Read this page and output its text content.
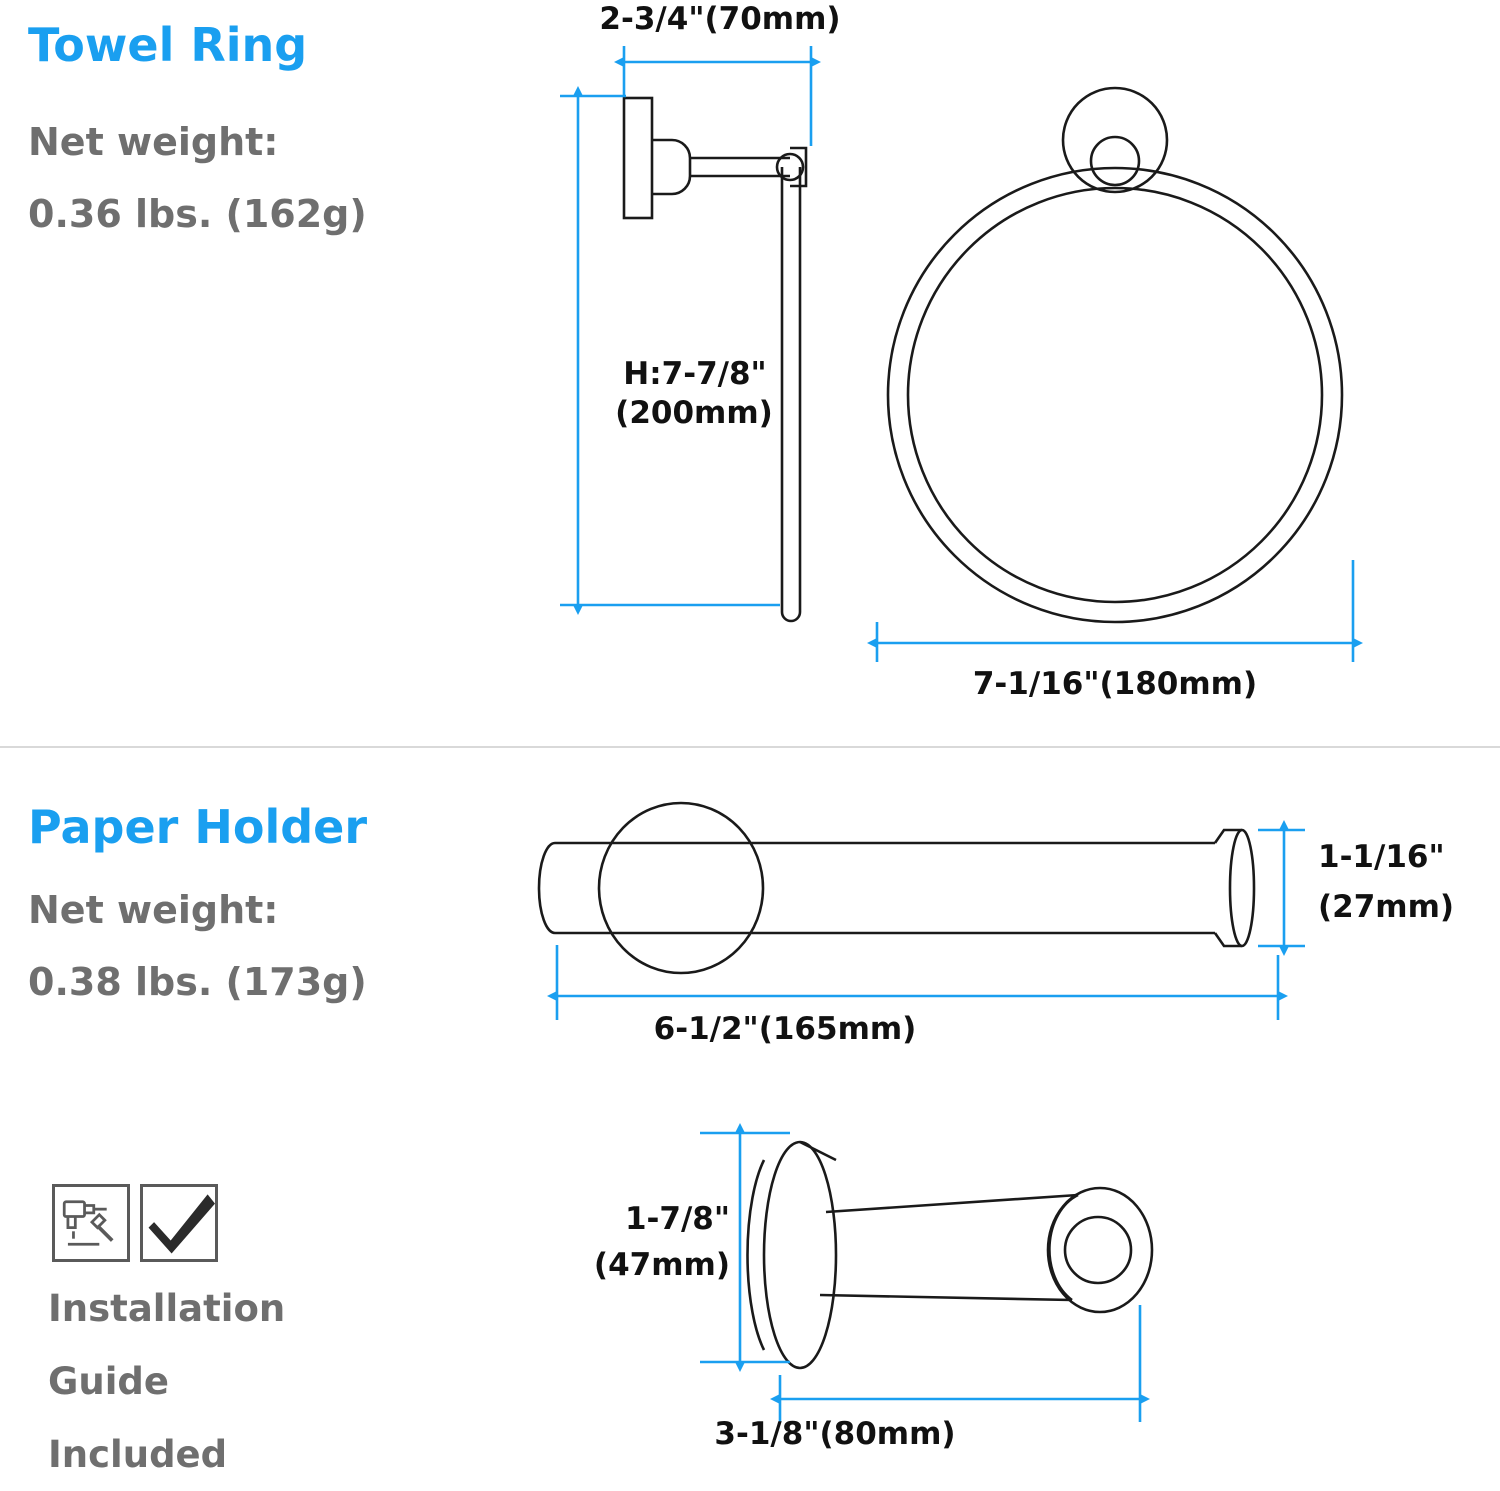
Towel Ring
Net weight:
0.36 lbs. (162g)
2-3/4"(70mm)
H:7-7/8"
(200mm)
7-1/16"(180mm)
Paper Holder
Net weight:
0.38 lbs. (173g)
1-1/16"
(27mm)
6-1/2"(165mm)
1-7/8"
(47mm)
3-1/8"(80mm)
Installation
Guide
Included
